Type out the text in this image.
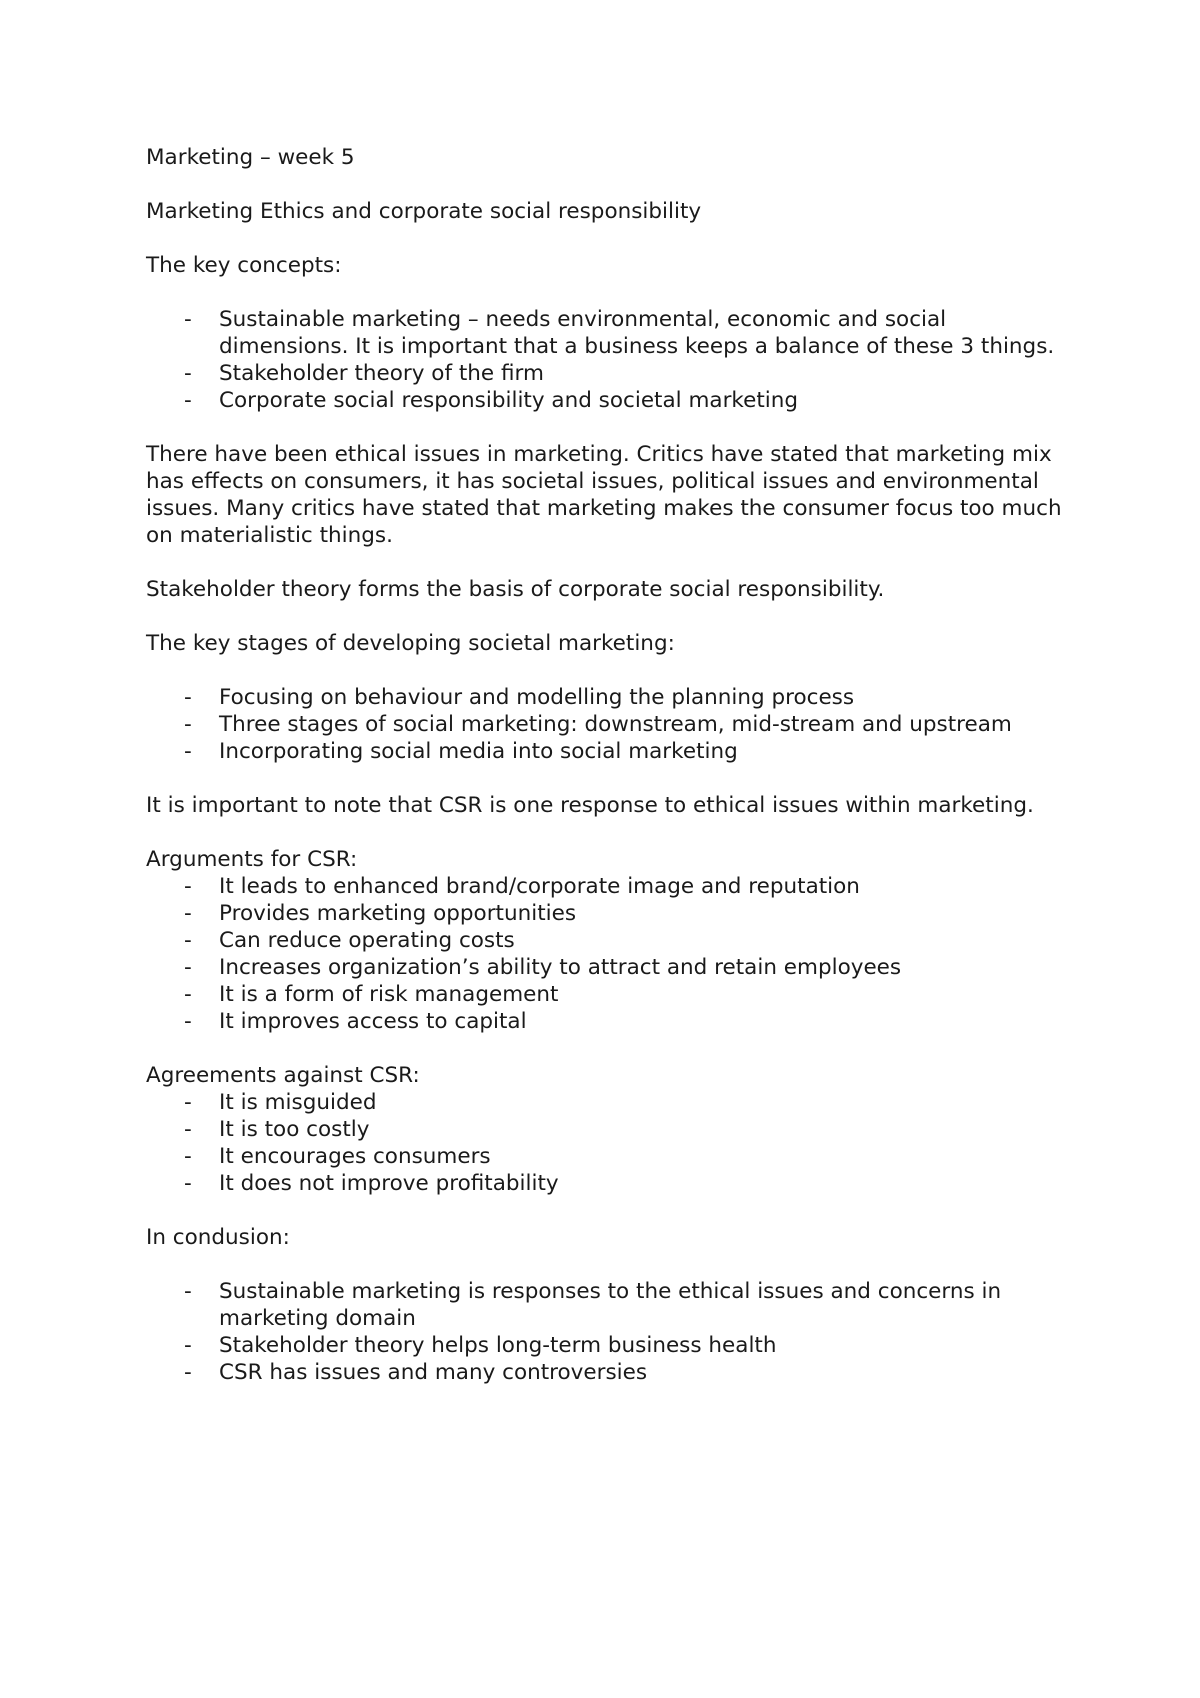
Marketing – week 5

Marketing Ethics and corporate social responsibility

The key concepts:

- Sustainable marketing – needs environmental, economic and social dimensions. It is important that a business keeps a balance of these 3 things.
- Stakeholder theory of the firm
- Corporate social responsibility and societal marketing

There have been ethical issues in marketing. Critics have stated that marketing mix has effects on consumers, it has societal issues, political issues and environmental issues. Many critics have stated that marketing makes the consumer focus too much on materialistic things.

Stakeholder theory forms the basis of corporate social responsibility.

The key stages of developing societal marketing:

- Focusing on behaviour and modelling the planning process
- Three stages of social marketing: downstream, mid-stream and upstream
- Incorporating social media into social marketing

It is important to note that CSR is one response to ethical issues within marketing.

Arguments for CSR:

- It leads to enhanced brand/corporate image and reputation
- Provides marketing opportunities
- Can reduce operating costs
- Increases organization’s ability to attract and retain employees
- It is a form of risk management
- It improves access to capital

Agreements against CSR:

- It is misguided
- It is too costly
- It encourages consumers
- It does not improve profitability

In condusion:

- Sustainable marketing is responses to the ethical issues and concerns in marketing domain
- Stakeholder theory helps long-term business health
- CSR has issues and many controversies
